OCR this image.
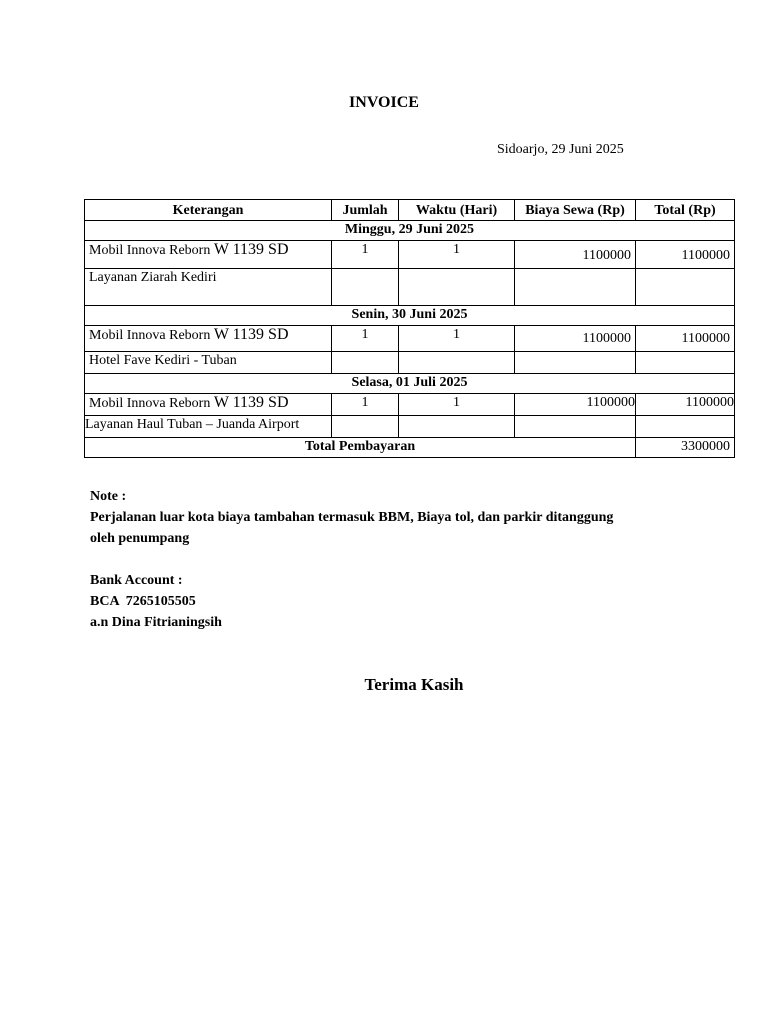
INVOICE
Sidoarjo, 29 Juni 2025
Keterangan	Jumlah	Waktu (Hari)	Biaya Sewa (Rp)	Total (Rp)
Minggu, 29 Juni 2025				
Mobil Innova Reborn W 1139 SD	1	1	1100000	1100000
Layanan Ziarah Kediri				
Senin, 30 Juni 2025				
Mobil Innova Reborn W 1139 SD	1	1	1100000	1100000
Hotel Fave Kediri - Tuban				
Selasa, 01 Juli 2025				
Mobil Innova Reborn W 1139 SD	1	1	1100000	1100000
Layanan Haul Tuban – Juanda Airport				
Total Pembayaran				3300000
Note :
Perjalanan luar kota biaya tambahan termasuk BBM, Biaya tol, dan parkir ditanggung
oleh penumpang
Bank Account :
BCA  7265105505
a.n Dina Fitrianingsih
Terima Kasih
